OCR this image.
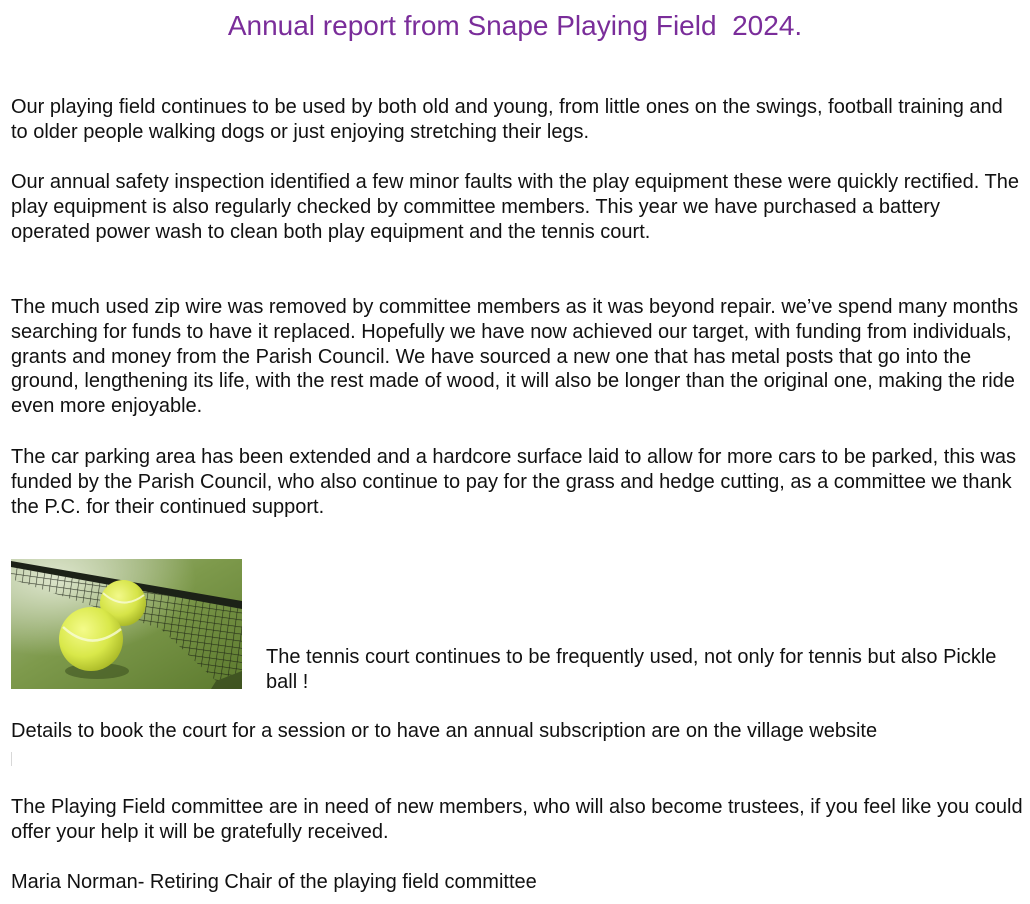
Annual report from Snape Playing Field  2024.

Our playing field continues to be used by both old and young, from little ones on the swings, football training and to older people walking dogs or just enjoying stretching their legs.

Our annual safety inspection identified a few minor faults with the play equipment these were quickly rectified. The play equipment is also regularly checked by committee members. This year we have purchased a battery operated power wash to clean both play equipment and the tennis court.

The much used zip wire was removed by committee members as it was beyond repair. we’ve spend many months searching for funds to have it replaced. Hopefully we have now achieved our target, with funding from individuals, grants and money from the Parish Council. We have sourced a new one that has metal posts that go into the ground, lengthening its life, with the rest made of wood, it will also be longer than the original one, making the ride even more enjoyable.

The car parking area has been extended and a hardcore surface laid to allow for more cars to be parked, this was funded by the Parish Council, who also continue to pay for the grass and hedge cutting, as a committee we thank the P.C. for their continued support.

The tennis court continues to be frequently used, not only for tennis but also Pickle ball !

Details to book the court for a session or to have an annual subscription are on the village website

The Playing Field committee are in need of new members, who will also become trustees, if you feel like you could offer your help it will be gratefully received.

Maria Norman- Retiring Chair of the playing field committee
